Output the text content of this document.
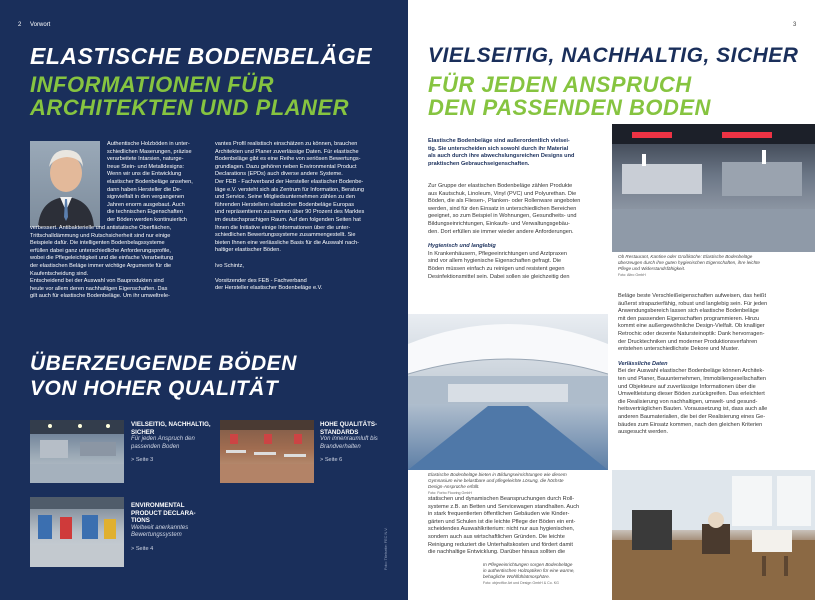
2 Vorwort
ELASTISCHE BODENBELÄGE
INFORMATIONEN FÜR
ARCHITEKTEN UND PLANER
Authentische Holzböden in unter-
schiedlichen Maserungen, präzise
verarbeitete Intarsien, naturge-
treue Stein- und Metalldesigns:
Wenn wir uns die Entwicklung
elastischer Bodenbeläge ansehen,
dann haben Hersteller die De-
signvielfalt in den vergangenen
Jahren enorm ausgebaut. Auch
die technischen Eigenschaften
der Böden werden kontinuierlich
verbessert. Antibakterielle und antistatische Oberflächen,
Trittschalldämmung und Rutschsicherheit sind nur einige
Beispiele dafür. Die intelligenten Bodenbelagssysteme
erfüllen dabei ganz unterschiedliche Anforderungsprofile,
wobei die Pflegeleichtigkeit und die einfache Verarbeitung
der elastischen Beläge immer wichtige Argumente für die
Kaufentscheidung sind.
Entscheidend bei der Auswahl von Bauprodukten sind
heute vor allem deren nachhaltigen Eigenschaften. Das
gilt auch für elastische Bodenbeläge. Um ihr umweltrele-
vantes Profil realistisch einschätzen zu können, brauchen
Architekten und Planer zuverlässige Daten. Für elastische
Bodenbeläge gibt es eine Reihe von seriösen Bewertungs-
grundlagen. Dazu gehören neben Environmental Product
Declarations (EPDs) auch diverse andere Systeme.
Der FEB - Fachverband der Hersteller elastischer Bodenbe-
läge e.V. versteht sich als Zentrum für Information, Beratung
und Service. Seine Mitgliedsunternehmen zählen zu den
führenden Herstellern elastischer Bodenbeläge Europas
und repräsentieren zusammen über 90 Prozent des Marktes
im deutschsprachigen Raum. Auf den folgenden Seiten hat
Ihnen die Initiative einige Informationen über die unter-
schiedlichen Bewertungssysteme zusammengestellt. Sie
bieten Ihnen eine verlässliche Basis für die Auswahl nach-
haltiger elastischer Böden.
Ivo Schintz,
Vorsitzender des FEB - Fachverband
der Hersteller elastischer Bodenbeläge e.V.
ÜBERZEUGENDE BÖDEN
VON HOHER QUALITÄT
VIELSEITIG, NACHHALTIG,
SICHER
Für jeden Anspruch den
passenden Boden
> Seite 3
HOHE QUALITÄTS-
STANDARDS
Von innenraumluft bis
Brandverhalten
> Seite 6
ENVIRONMENTAL
PRODUCT DECLARA-
TIONS
Weltweit anerkanntes
Bewertungssystem
> Seite 4	Foto: Titelseite: FEC N.V.
3
VIELSEITIG, NACHHALTIG, SICHER
FÜR JEDEN ANSPRUCH
DEN PASSENDEN BODEN
Elastische Bodenbeläge sind außerordentlich vielsei-
tig. Sie unterscheiden sich sowohl durch ihr Material
als auch durch ihre abwechslungsreichen Designs und
praktischen Gebrauchseigenschaften.
Zur Gruppe der elastischen Bodenbeläge zählen Produkte
aus Kautschuk, Linoleum, Vinyl (PVC) und Polyurethan. Die
Böden, die als Fliesen-, Planken- oder Rollenware angeboten
werden, sind für den Einsatz in unterschiedlichen Bereichen
geeignet, so zum Beispiel in Wohnungen, Gesundheits- und
Bildungseinrichtungen, Einkaufs- und Verwaltungsgebäu-
den. Dort erfüllen sie immer wieder andere Anforderungen.
Hygienisch und langlebig
In Krankenhäusern, Pflegeeinrichtungen und Arztpraxen
sind vor allem hygienische Eigenschaften gefragt. Die
Böden müssen einfach zu reinigen und resistent gegen
Desinfektionsmittel sein. Dabei sollen sie gleichzeitig den
Ob Restaurant, Kantine oder Großküche: Elastische Bodenbeläge
überzeugen durch ihre guten hygienischen Eigenschaften, ihre leichte
Pflege und Widerstandsfähigkeit.
Foto: Altro GmbH
Beläge beste Verschleißeigenschaften aufweisen, das heißt
äußerst strapazierfähig, robust und langlebig sein. Für jeden
Anwendungsbereich lassen sich elastische Bodenbeläge
mit den passenden Eigenschaften programmieren. Hinzu
kommt eine außergewöhnliche Design-Vielfalt. Ob knalliger
Retrochic oder dezente Natursteinoptik: Dank hervorragen-
der Drucktechniken und moderner Produktionsverfahren
entstehen unterschiedlichste Dekore und Muster.
Verlässliche Daten
Bei der Auswahl elastischer Bodenbeläge können Architek-
ten und Planer, Bauunternehmen, Immobiliengesellschaften
und Objekteure auf zuverlässige Informationen über die
Umweltleistung dieser Böden zurückgreifen. Das erleichtert
die Realisierung von nachhaltigen, umwelt- und gesund-
heitsverträglichen Bauten. Voraussetzung ist, dass auch alle
anderen Baumaterialien, die bei der Realisierung eines Ge-
bäudes zum Einsatz kommen, nach den gleichen Kriterien
ausgesucht werden.
Elastische Bodenbeläge bieten in Bildungseinrichtungen wie diesem
Gymnasium eine belastbare und pflegeleichte Lösung, die höchste
Design-Ansprüche erfüllt.
Foto: Forbo Flooring GmbH
statischen und dynamischen Beanspruchungen durch Roll-
systeme z.B. an Betten und Servicewagen standhalten. Auch
in stark frequentierten öffentlichen Gebäuden wie Kinder-
gärten und Schulen ist die leichte Pflege der Böden ein ent-
scheidendes Auswahlkriterium: nicht nur aus hygienischen,
sondern auch aus wirtschaftlichen Gründen. Die leichte
Reinigung reduziert die Unterhaltskosten und fördert damit
die nachhaltige Entwicklung. Darüber hinaus sollten die
In Pflegeeinrichtungen sorgen Bodenbeläge
in authentischen Holzoptiken für eine warme,
behagliche Wohlfühlatmosphäre.
Foto: objectflor Art und Design GmbH & Co. KG
